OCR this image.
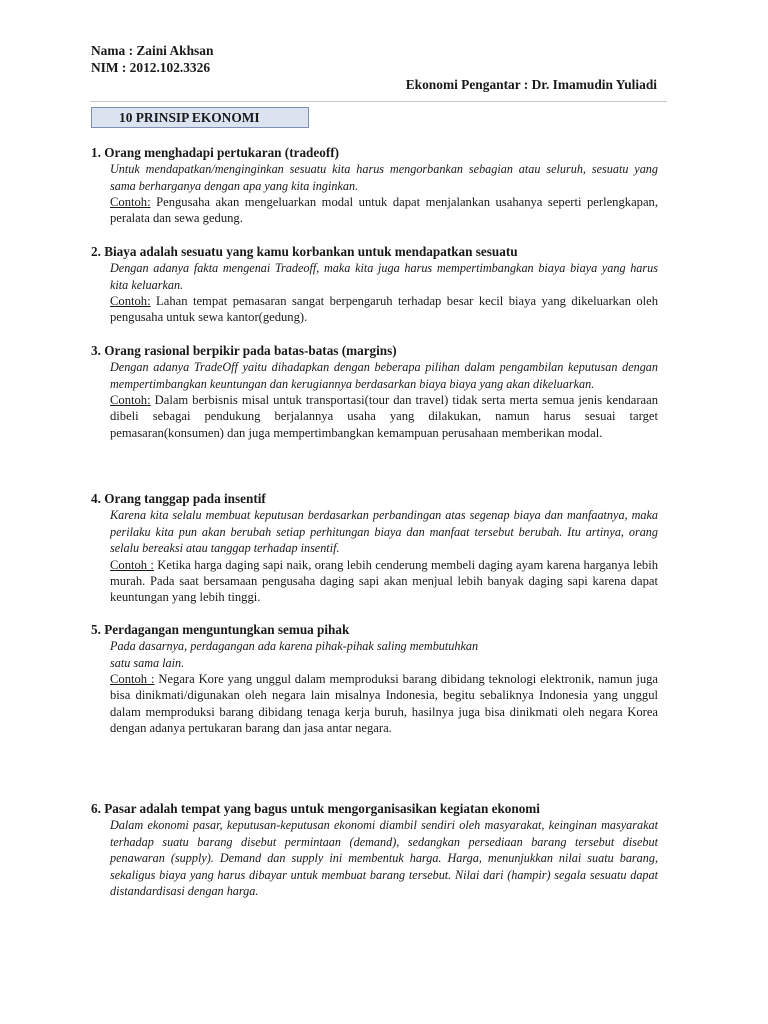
Nama : Zaini Akhsan
NIM : 2012.102.3326
Ekonomi Pengantar : Dr. Imamudin Yuliadi
10 PRINSIP EKONOMI
1. Orang menghadapi pertukaran (tradeoff)
Untuk mendapatkan/menginginkan sesuatu kita harus mengorbankan sebagian atau seluruh, sesuatu yang sama berharganya dengan apa yang kita inginkan.
Contoh: Pengusaha akan mengeluarkan modal untuk dapat menjalankan usahanya seperti perlengkapan, peralata dan sewa gedung.
2. Biaya adalah sesuatu yang kamu korbankan untuk mendapatkan sesuatu
Dengan adanya fakta mengenai Tradeoff, maka kita juga harus mempertimbangkan biaya biaya yang harus kita keluarkan.
Contoh: Lahan tempat pemasaran sangat berpengaruh terhadap besar kecil biaya yang dikeluarkan oleh pengusaha untuk sewa kantor(gedung).
3. Orang rasional berpikir pada batas-batas (margins)
Dengan adanya TradeOff yaitu dihadapkan dengan beberapa pilihan dalam pengambilan keputusan dengan mempertimbangkan keuntungan dan kerugiannya berdasarkan biaya biaya yang akan dikeluarkan.
Contoh: Dalam berbisnis misal untuk transportasi(tour dan travel) tidak serta merta semua jenis kendaraan dibeli sebagai pendukung berjalannya usaha yang dilakukan, namun harus sesuai target pemasaran(konsumen) dan juga mempertimbangkan kemampuan perusahaan memberikan modal.
4. Orang tanggap pada insentif
Karena kita selalu membuat keputusan berdasarkan perbandingan atas segenap biaya dan manfaatnya, maka perilaku kita pun akan berubah setiap perhitungan biaya dan manfaat tersebut berubah. Itu artinya, orang selalu bereaksi atau tanggap terhadap insentif.
Contoh : Ketika harga daging sapi naik, orang lebih cenderung membeli daging ayam karena harganya lebih murah. Pada saat bersamaan pengusaha daging sapi akan menjual lebih banyak daging sapi karena dapat keuntungan yang lebih tinggi.
5. Perdagangan menguntungkan semua pihak
Pada dasarnya, perdagangan ada karena pihak-pihak saling membutuhkan
satu sama lain.
Contoh : Negara Kore yang unggul dalam memproduksi barang dibidang teknologi elektronik, namun juga bisa dinikmati/digunakan oleh negara lain misalnya Indonesia, begitu sebaliknya Indonesia yang unggul dalam memproduksi barang dibidang tenaga kerja buruh, hasilnya juga bisa dinikmati oleh negara Korea dengan adanya pertukaran barang dan jasa antar negara.
6. Pasar adalah tempat yang bagus untuk mengorganisasikan kegiatan ekonomi
Dalam ekonomi pasar, keputusan-keputusan ekonomi diambil sendiri oleh masyarakat, keinginan masyarakat terhadap suatu barang disebut permintaan (demand), sedangkan persediaan barang tersebut disebut penawaran (supply). Demand dan supply ini membentuk harga. Harga, menunjukkan nilai suatu barang, sekaligus biaya yang harus dibayar untuk membuat barang tersebut. Nilai dari (hampir) segala sesuatu dapat distandardisasi dengan harga.
